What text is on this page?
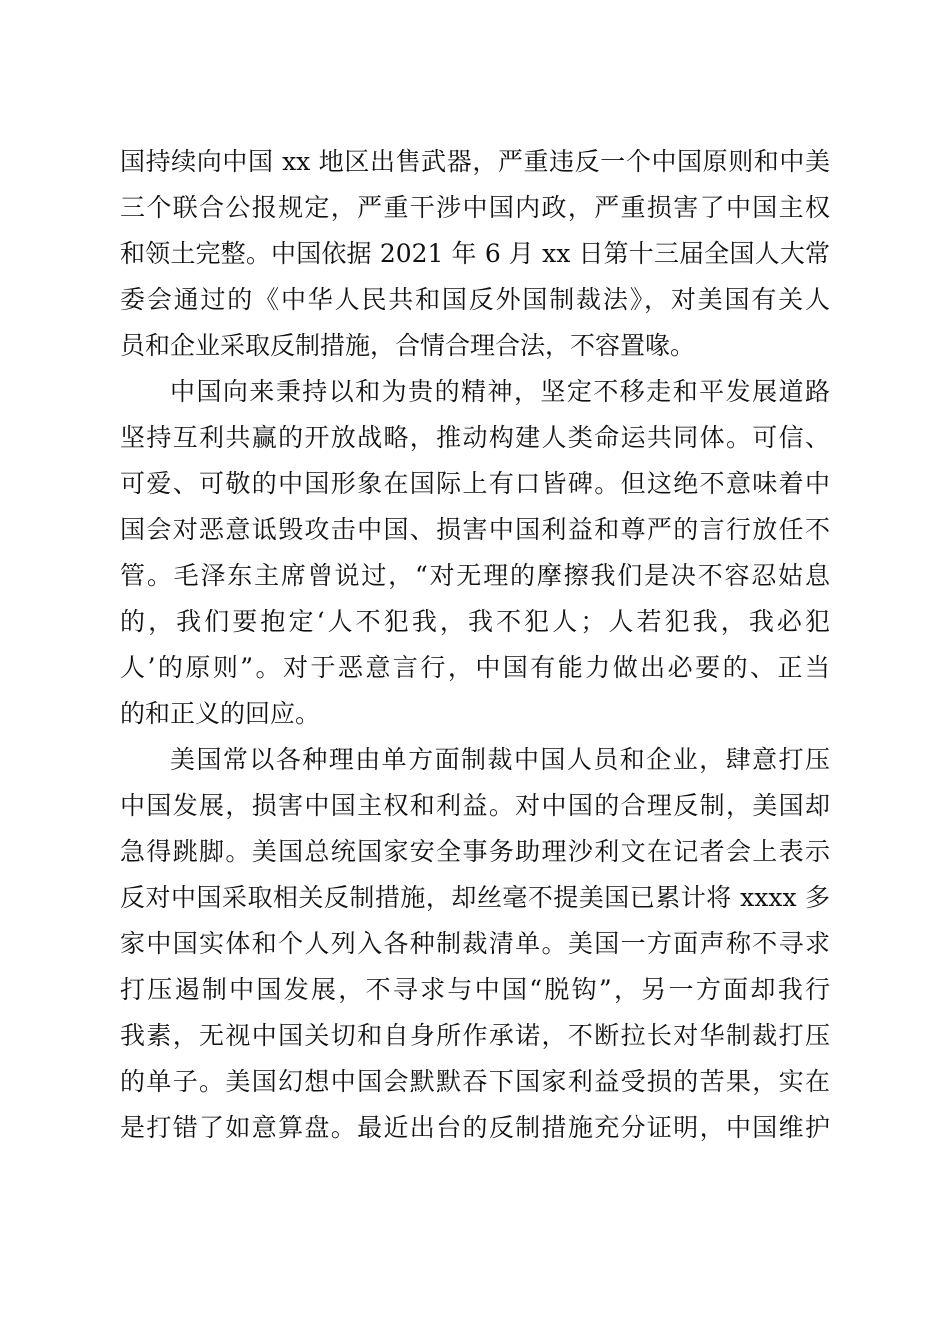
国持续向中国 xx 地区出售武器，严重违反一个中国原则和中美
三个联合公报规定，严重干涉中国内政，严重损害了中国主权
和领土完整。中国依据 2021 年 6 月 xx 日第十三届全国人大常
委会通过的《中华人民共和国反外国制裁法》，对美国有关人
员和企业采取反制措施，合情合理合法，不容置喙。
中国向来秉持以和为贵的精神，坚定不移走和平发展道路
坚持互利共赢的开放战略，推动构建人类命运共同体。可信、
可爱、可敬的中国形象在国际上有口皆碑。但这绝不意味着中
国会对恶意诋毁攻击中国、损害中国利益和尊严的言行放任不
管。毛泽东主席曾说过，“对无理的摩擦我们是决不容忍姑息
的，我们要抱定‘人不犯我，我不犯人；人若犯我，我必犯
人’的原则”。对于恶意言行，中国有能力做出必要的、正当
的和正义的回应。
美国常以各种理由单方面制裁中国人员和企业，肆意打压
中国发展，损害中国主权和利益。对中国的合理反制，美国却
急得跳脚。美国总统国家安全事务助理沙利文在记者会上表示
反对中国采取相关反制措施，却丝毫不提美国已累计将 xxxx 多
家中国实体和个人列入各种制裁清单。美国一方面声称不寻求
打压遏制中国发展，不寻求与中国“脱钩”，另一方面却我行
我素，无视中国关切和自身所作承诺，不断拉长对华制裁打压
的单子。美国幻想中国会默默吞下国家利益受损的苦果，实在
是打错了如意算盘。最近出台的反制措施充分证明，中国维护
